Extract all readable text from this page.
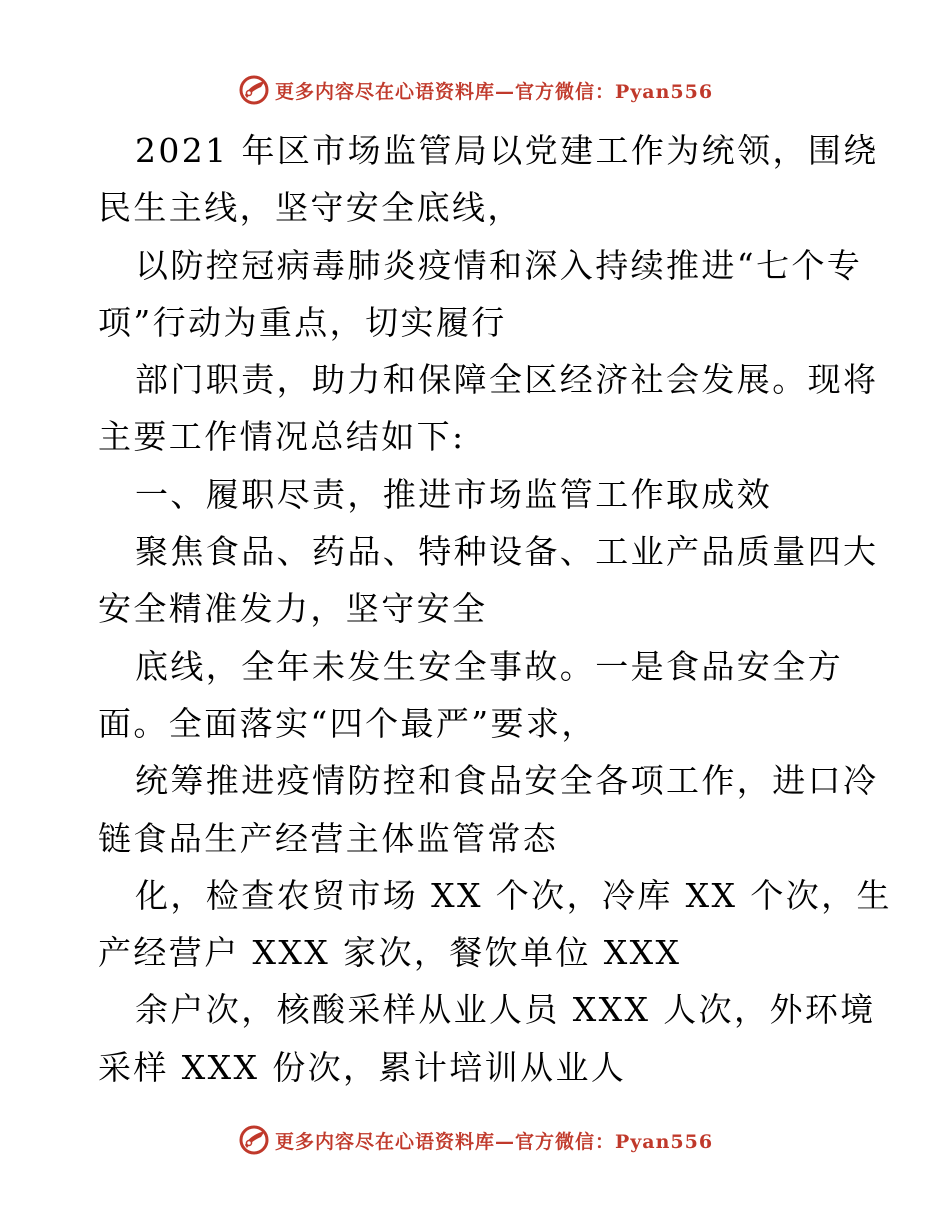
更多内容尽在心语资料库—官方微信：Pyan556
2021 年区市场监管局以党建工作为统领，围绕
民生主线，坚守安全底线，
以防控冠病毒肺炎疫情和深入持续推进“七个专
项”行动为重点，切实履行
部门职责，助力和保障全区经济社会发展。现将
主要工作情况总结如下:
一、履职尽责，推进市场监管工作取成效
聚焦食品、药品、特种设备、工业产品质量四大
安全精准发力，坚守安全
底线，全年未发生安全事故。一是食品安全方
面。全面落实“四个最严”要求，
统筹推进疫情防控和食品安全各项工作，进口冷
链食品生产经营主体监管常态
化，检查农贸市场 XX 个次，冷库 XX 个次，生
产经营户 XXX 家次，餐饮单位 XXX
余户次，核酸采样从业人员 XXX 人次，外环境
采样 XXX 份次，累计培训从业人
更多内容尽在心语资料库—官方微信：Pyan556
